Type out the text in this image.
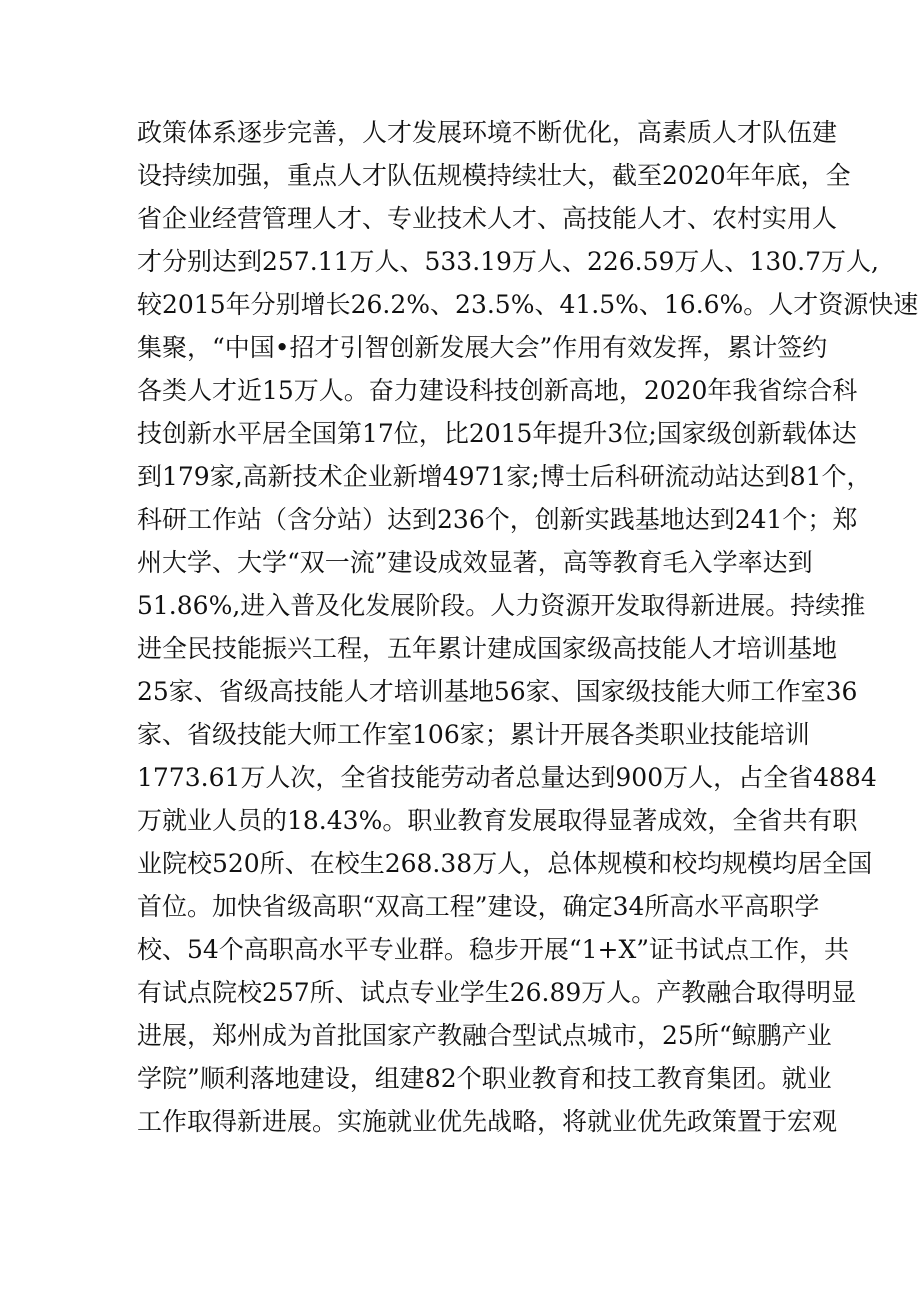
政策体系逐步完善，人才发展环境不断优化，高素质人才队伍建
设持续加强，重点人才队伍规模持续壮大，截至2020年年底，全
省企业经营管理人才、专业技术人才、高技能人才、农村实用人
才分别达到257.11万人、533.19万人、226.59万人、130.7万人,
较2015年分别增长26.2%、23.5%、41.5%、16.6%。人才资源快速
集聚，“中国•招才引智创新发展大会”作用有效发挥，累计签约
各类人才近15万人。奋力建设科技创新高地，2020年我省综合科
技创新水平居全国第17位，比2015年提升3位;国家级创新载体达
到179家,高新技术企业新增4971家;博士后科研流动站达到81个，
科研工作站（含分站）达到236个，创新实践基地达到241个；郑
州大学、大学“双一流”建设成效显著，高等教育毛入学率达到
51.86%,进入普及化发展阶段。人力资源开发取得新进展。持续推
进全民技能振兴工程，五年累计建成国家级高技能人才培训基地
25家、省级高技能人才培训基地56家、国家级技能大师工作室36
家、省级技能大师工作室106家；累计开展各类职业技能培训
1773.61万人次，全省技能劳动者总量达到900万人，占全省4884
万就业人员的18.43%。职业教育发展取得显著成效，全省共有职
业院校520所、在校生268.38万人，总体规模和校均规模均居全国
首位。加快省级高职“双高工程”建设，确定34所高水平高职学
校、54个高职高水平专业群。稳步开展“1+X”证书试点工作，共
有试点院校257所、试点专业学生26.89万人。产教融合取得明显
进展，郑州成为首批国家产教融合型试点城市，25所“鲸鹏产业
学院”顺利落地建设，组建82个职业教育和技工教育集团。就业
工作取得新进展。实施就业优先战略，将就业优先政策置于宏观
